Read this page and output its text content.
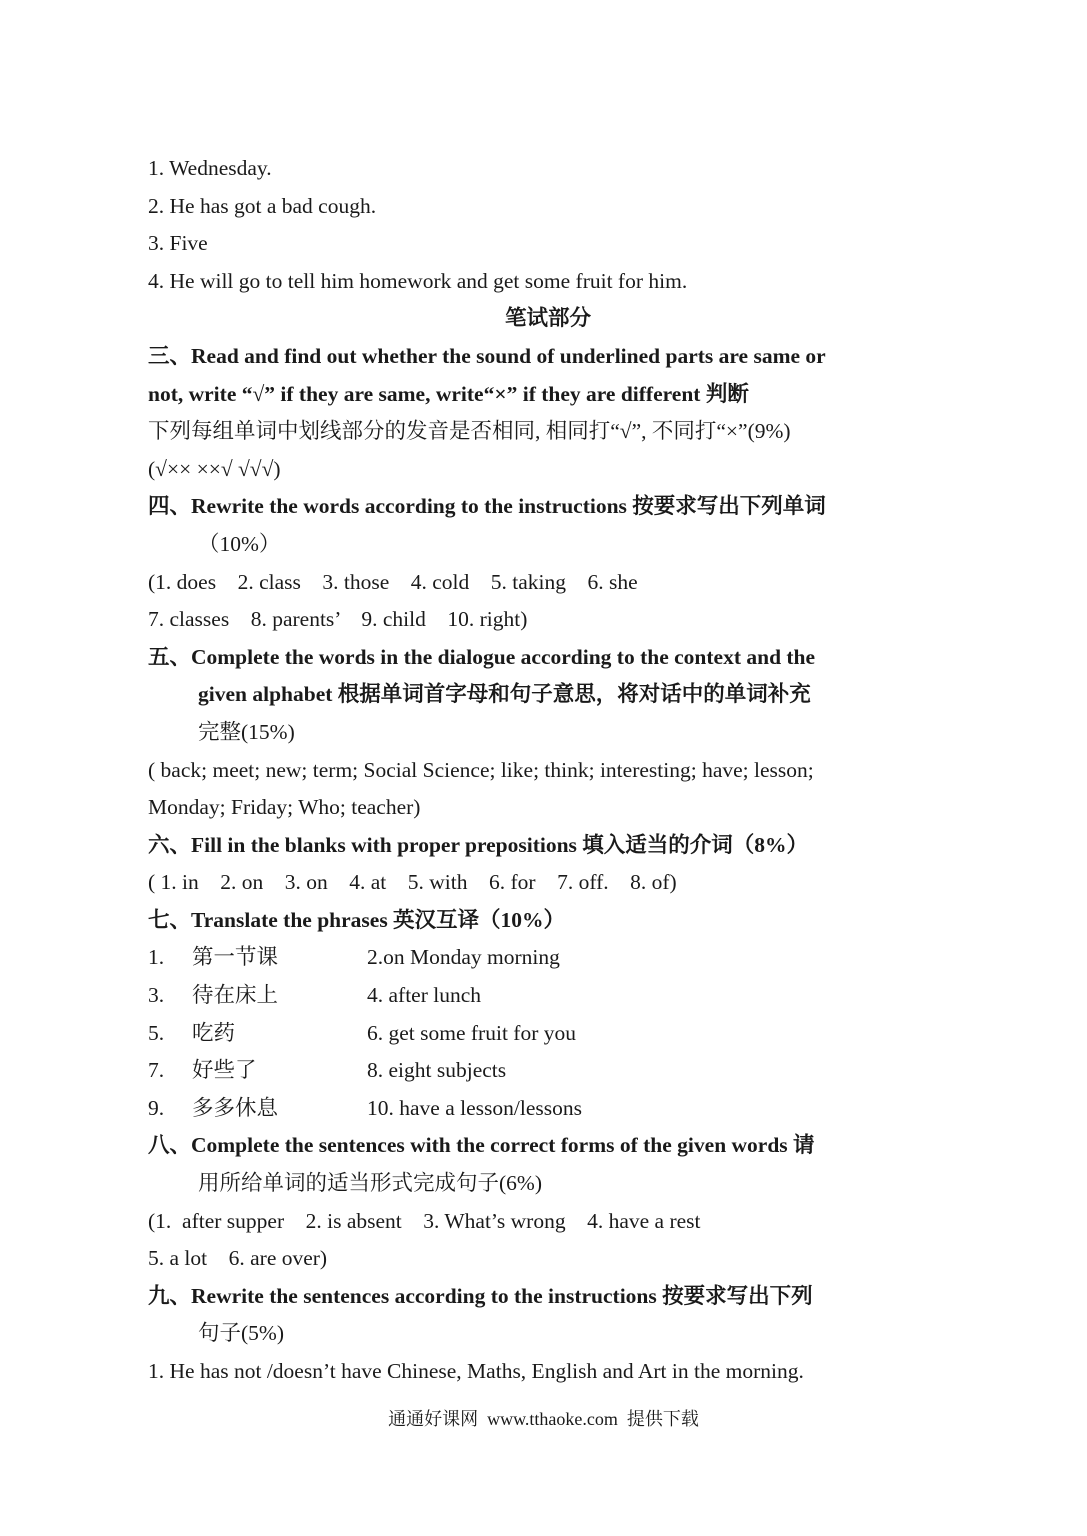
1. Wednesday.
2. He has got a bad cough.
3. Five
4. He will go to tell him homework and get some fruit for him.
笔试部分
三、Read and find out whether the sound of underlined parts are same or
not, write “√” if they are same, write“×” if they are different 判断
下列每组单词中划线部分的发音是否相同, 相同打“√”, 不同打“×”(9%)
(√×× ××√ √√√)
四、Rewrite the words according to the instructions 按要求写出下列单词
（10%）
(1. does    2. class    3. those    4. cold    5. taking    6. she
7. classes    8. parents’    9. child    10. right)
五、Complete the words in the dialogue according to the context and the
given alphabet 根据单词首字母和句子意思，将对话中的单词补充
完整(15%)
( back; meet; new; term; Social Science; like; think; interesting; have; lesson;
Monday; Friday; Who; teacher)
六、Fill in the blanks with proper prepositions 填入适当的介词（8%）
( 1. in    2. on    3. on    4. at    5. with    6. for    7. off.    8. of)
七、Translate the phrases 英汉互译（10%）
1.	第一节课	2.on Monday morning
3.	待在床上	4. after lunch
5.	吃药	6. get some fruit for you
7.	好些了	8. eight subjects
9.	多多休息	10. have a lesson/lessons
八、Complete the sentences with the correct forms of the given words 请
用所给单词的适当形式完成句子(6%)
(1.  after supper    2. is absent    3. What’s wrong    4. have a rest
5. a lot    6. are over)
九、Rewrite the sentences according to the instructions 按要求写出下列
句子(5%)
1. He has not /doesn’t have Chinese, Maths, English and Art in the morning.
通通好课网  www.tthaoke.com  提供下载
